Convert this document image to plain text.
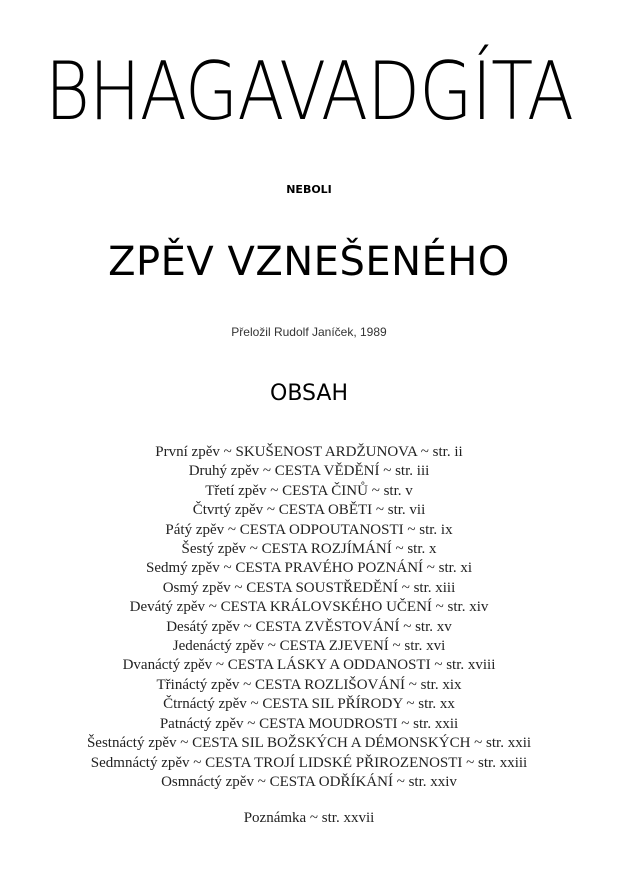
BHAGAVADGÍTA
NEBOLI
ZPĚV VZNEŠENÉHO
Přeložil Rudolf Janíček, 1989
OBSAH
První zpěv ~ SKUŠENOST ARDŽUNOVA ~ str. ii
Druhý zpěv ~ CESTA VĚDĚNÍ ~ str. iii
Třetí zpěv ~ CESTA ČINŮ ~ str. v
Čtvrtý zpěv ~ CESTA OBĚTI ~ str. vii
Pátý zpěv ~ CESTA ODPOUTANOSTI ~ str. ix
Šestý zpěv ~ CESTA ROZJÍMÁNÍ ~ str. x
Sedmý zpěv ~ CESTA PRAVÉHO POZNÁNÍ ~ str. xi
Osmý zpěv ~ CESTA SOUSTŘEDĚNÍ ~ str. xiii
Devátý zpěv ~ CESTA KRÁLOVSKÉHO UČENÍ ~ str. xiv
Desátý zpěv ~ CESTA ZVĚSTOVÁNÍ ~ str. xv
Jedenáctý zpěv ~ CESTA ZJEVENÍ ~ str. xvi
Dvanáctý zpěv ~ CESTA LÁSKY A ODDANOSTI ~ str. xviii
Třináctý zpěv ~ CESTA ROZLIŠOVÁNÍ ~ str. xix
Čtrnáctý zpěv ~ CESTA SIL PŘÍRODY ~ str. xx
Patnáctý zpěv ~ CESTA MOUDROSTI ~ str. xxii
Šestnáctý zpěv ~ CESTA SIL BOŽSKÝCH A DÉMONSKÝCH ~ str. xxii
Sedmnáctý zpěv ~ CESTA TROJÍ LIDSKÉ PŘIROZENOSTI ~ str. xxiii
Osmnáctý zpěv ~ CESTA ODŘÍKÁNÍ ~ str. xxiv
Poznámka ~ str. xxvii
